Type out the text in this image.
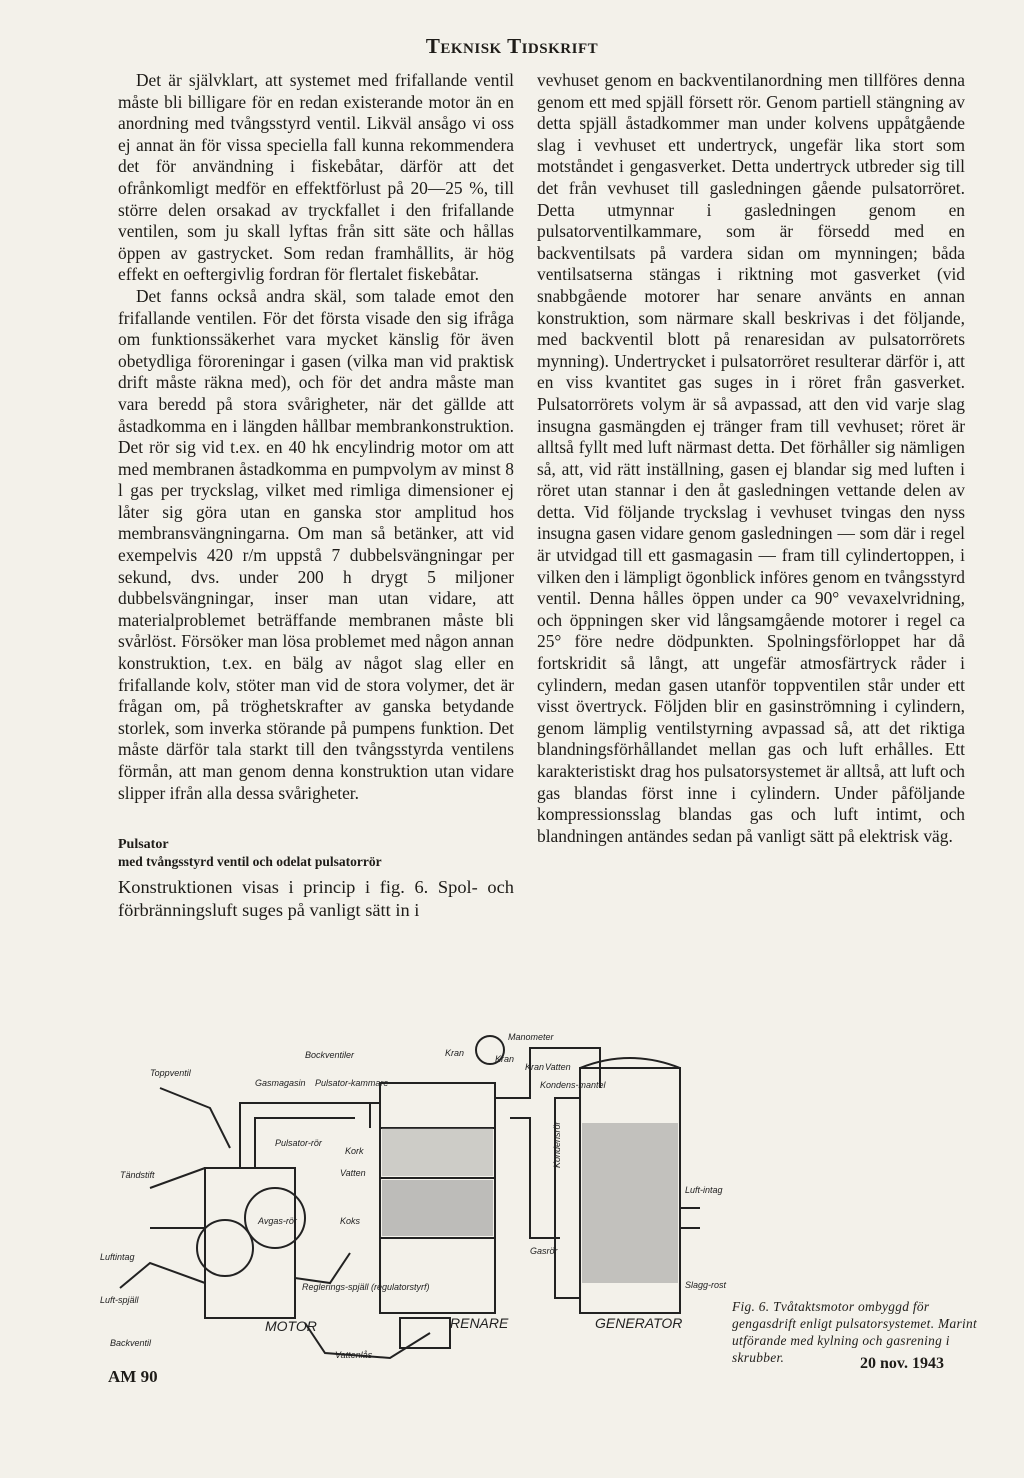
Teknisk Tidskrift

Det är självklart, att systemet med frifallande ventil måste bli billigare för en redan existerande motor än en anordning med tvångsstyrd ventil. Likväl ansågo vi oss ej annat än för vissa speciella fall kunna rekommendera det för användning i fiskebåtar, därför att det ofrånkomligt medför en effektförlust på 20—25 %, till större delen orsakad av tryckfallet i den frifallande ventilen, som ju skall lyftas från sitt säte och hållas öppen av gastrycket. Som redan framhållits, är hög effekt en oeftergivlig fordran för flertalet fiskebåtar.

Det fanns också andra skäl, som talade emot den frifallande ventilen. För det första visade den sig ifråga om funktionssäkerhet vara mycket känslig för även obetydliga föroreningar i gasen (vilka man vid praktisk drift måste räkna med), och för det andra måste man vara beredd på stora svårigheter, när det gällde att åstadkomma en i längden hållbar membrankonstruktion. Det rör sig vid t.ex. en 40 hk encylindrig motor om att med membranen åstadkomma en pumpvolym av minst 8 l gas per tryckslag, vilket med rimliga dimensioner ej låter sig göra utan en ganska stor amplitud hos membransvängningarna. Om man så betänker, att vid exempelvis 420 r/m uppstå 7 dubbelsvängningar per sekund, dvs. under 200 h drygt 5 miljoner dubbelsvängningar, inser man utan vidare, att materialproblemet beträffande membranen måste bli svårlöst. Försöker man lösa problemet med någon annan konstruktion, t.ex. en bälg av något slag eller en frifallande kolv, stöter man vid de stora volymer, det är frågan om, på tröghetskrafter av ganska betydande storlek, som inverka störande på pumpens funktion. Det måste därför tala starkt till den tvångsstyrda ventilens förmån, att man genom denna konstruktion utan vidare slipper ifrån alla dessa svårigheter.

Pulsator
med tvångsstyrd ventil och odelat pulsatorrör

Konstruktionen visas i princip i fig. 6. Spol- och förbränningsluft suges på vanligt sätt in i

vevhuset genom en backventilanordning men tillföres denna genom ett med spjäll försett rör. Genom partiell stängning av detta spjäll åstadkommer man under kolvens uppåtgående slag i vevhuset ett undertryck, ungefär lika stort som motståndet i gengasverket. Detta undertryck utbreder sig till det från vevhuset till gasledningen gående pulsatorröret. Detta utmynnar i gasledningen genom en pulsatorventilkammare, som är försedd med en backventilsats på vardera sidan om mynningen; båda ventilsatserna stängas i riktning mot gasverket (vid snabbgående motorer har senare använts en annan konstruktion, som närmare skall beskrivas i det följande, med backventil blott på renaresidan av pulsatorrörets mynning). Undertrycket i pulsatorröret resulterar därför i, att en viss kvantitet gas suges in i röret från gasverket. Pulsatorrörets volym är så avpassad, att den vid varje slag insugna gasmängden ej tränger fram till vevhuset; röret är alltså fyllt med luft närmast detta. Det förhåller sig nämligen så, att, vid rätt inställning, gasen ej blandar sig med luften i röret utan stannar i den åt gasledningen vettande delen av detta. Vid följande tryckslag i vevhuset tvingas den nyss insugna gasen vidare genom gasledningen — som där i regel är utvidgad till ett gasmagasin — fram till cylindertoppen, i vilken den i lämpligt ögonblick införes genom en tvångsstyrd ventil. Denna hålles öppen under ca 90° vevaxelvridning, och öppningen sker vid långsamgående motorer i regel ca 25° före nedre dödpunkten. Spolningsförloppet har då fortskridit så långt, att ungefär atmosfärtryck råder i cylindern, medan gasen utanför toppventilen står under ett visst övertryck. Följden blir en gasinströmning i cylindern, genom lämplig ventilstyrning avpassad så, att det riktiga blandningsförhållandet mellan gas och luft erhålles. Ett karakteristiskt drag hos pulsatorsystemet är alltså, att luft och gas blandas först inne i cylindern. Under påföljande kompressionsslag blandas gas och luft intimt, och blandningen antändes sedan på vanligt sätt på elektrisk väg.

Toppventil
Tändstift
Luftintag
Luft-spjäll
Backventil
Bockventiler
Gasmagasin Pulsator-kammare
Pulsator-rör
Avgas-rör
Reglerings-spjäll (regulatorstyrf)
Vattenlås
Kork
Vatten
Koks
Kran
Kran
Manometer
Kran Vatten
Kondens-mantel
Luft-intag
Gasrör
Slagg-rost
Kondensrör
MOTOR	RENARE	GENERATOR
Fig. 6. Tvåtaktsmotor ombyggd för gengasdrift enligt pulsatorsystemet. Marint utförande med kylning och gasrening i skrubber.
AM 90
20 nov. 1943
